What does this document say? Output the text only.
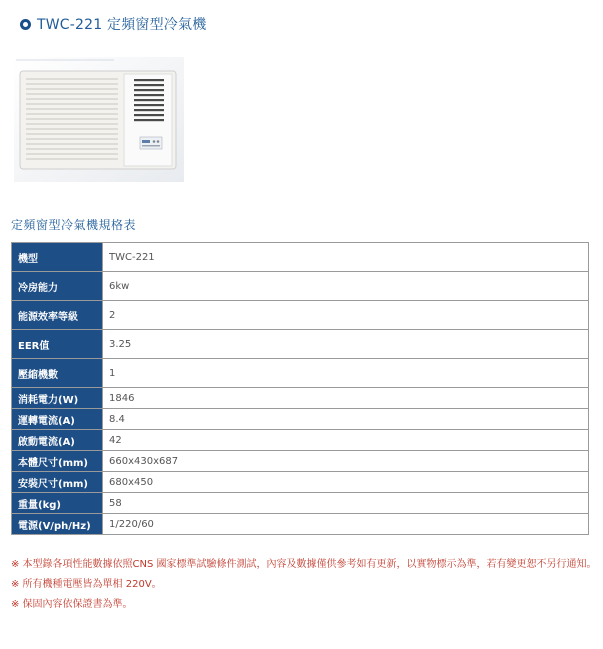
TWC-221 定頻窗型冷氣機
定頻窗型冷氣機規格表
機型	TWC-221
冷房能力	6kw
能源效率等級	2
EER值	3.25
壓縮機數	1
消耗電力(W)	1846
運轉電流(A)	8.4
啟動電流(A)	42
本體尺寸(mm)	660x430x687
安裝尺寸(mm)	680x450
重量(kg)	58
電源(V/ph/Hz)	1/220/60

※ 本型錄各項性能數據依照CNS 國家標準試驗條件測試，內容及數據僅供參考如有更新，以實物標示為準，若有變更恕不另行通知。

※ 所有機種電壓皆為單相 220V。

※ 保固內容依保證書為準。
